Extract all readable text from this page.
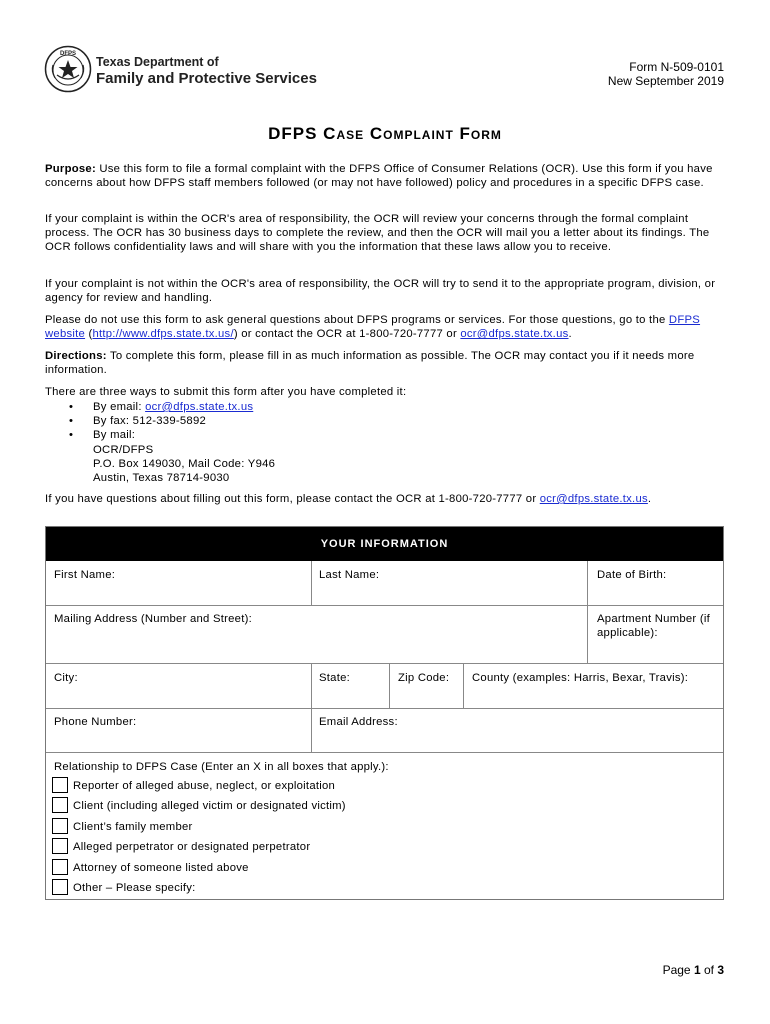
DFPS
Texas Department of
Family and Protective Services
Form N-509-0101
New September 2019
DFPS Case Complaint Form

Purpose: Use this form to file a formal complaint with the DFPS Office of Consumer Relations (OCR). Use this form if you have concerns about how DFPS staff members followed (or may not have followed) policy and procedures in a specific DFPS case.

If your complaint is within the OCR's area of responsibility, the OCR will review your concerns through the formal complaint process. The OCR has 30 business days to complete the review, and then the OCR will mail you a letter about its findings. The OCR follows confidentiality laws and will share with you the information that these laws allow you to receive.

If your complaint is not within the OCR's area of responsibility, the OCR will try to send it to the appropriate program, division, or agency for review and handling.

Please do not use this form to ask general questions about DFPS programs or services. For those questions, go to the DFPS website (http://www.dfps.state.tx.us/) or contact the OCR at 1-800-720-7777 or ocr@dfps.state.tx.us.

Directions: To complete this form, please fill in as much information as possible. The OCR may contact you if it needs more information.

There are three ways to submit this form after you have completed it:

• By email: ocr@dfps.state.tx.us
• By fax: 512-339-5892
• By mail:
OCR/DFPS
P.O. Box 149030, Mail Code: Y946
Austin, Texas 78714-9030

If you have questions about filling out this form, please contact the OCR at 1-800-720-7777 or ocr@dfps.state.tx.us.

YOUR INFORMATION
First Name:	Last Name:	Date of Birth:
Mailing Address (Number and Street):	Apartment Number (if applicable):
City:	State:	Zip Code: County (examples: Harris, Bexar, Travis):
Phone Number:	Email Address:
Relationship to DFPS Case (Enter an X in all boxes that apply.):
Reporter of alleged abuse, neglect, or exploitation
Client (including alleged victim or designated victim)
Client’s family member
Alleged perpetrator or designated perpetrator
Attorney of someone listed above
Other – Please specify:
Page 1 of 3
